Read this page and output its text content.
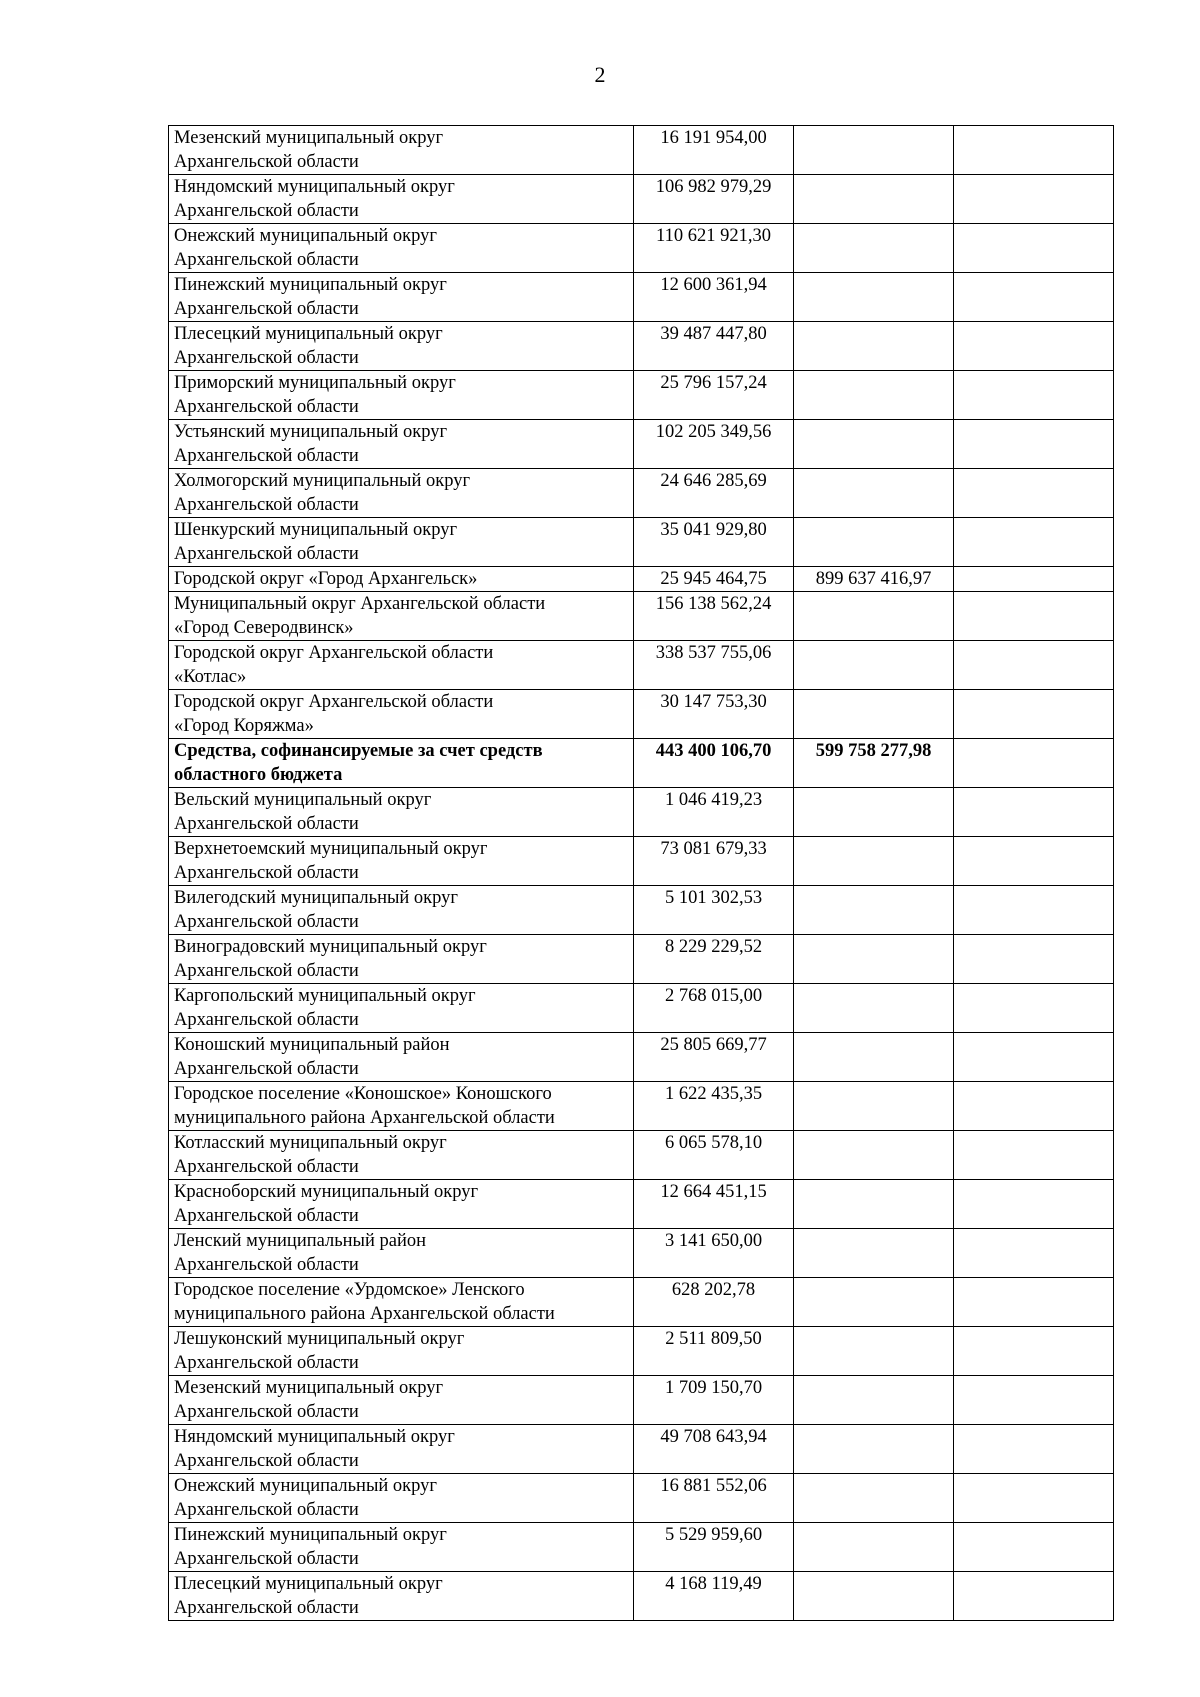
2
Мезенский муниципальный округ
Архангельской области	16 191 954,00		

Няндомский муниципальный округ
Архангельской области	106 982 979,29		

Онежский муниципальный округ
Архангельской области	110 621 921,30		

Пинежский муниципальный округ
Архангельской области	12 600 361,94		

Плесецкий муниципальный округ
Архангельской области	39 487 447,80		

Приморский муниципальный округ
Архангельской области	25 796 157,24		

Устьянский муниципальный округ
Архангельской области	102 205 349,56		

Холмогорский муниципальный округ
Архангельской области	24 646 285,69		

Шенкурский муниципальный округ
Архангельской области	35 041 929,80		

Городской округ «Город Архангельск»	25 945 464,75	899 637 416,97	

Муниципальный округ Архангельской области
«Город Северодвинск»	156 138 562,24		

Городской округ Архангельской области
«Котлас»	338 537 755,06		

Городской округ Архангельской области
«Город Коряжма»	30 147 753,30		

Средства, софинансируемые за счет средств
областного бюджета	443 400 106,70	599 758 277,98	

Вельский муниципальный округ
Архангельской области	1 046 419,23		

Верхнетоемский муниципальный округ
Архангельской области	73 081 679,33		

Вилегодский муниципальный округ
Архангельской области	5 101 302,53		

Виноградовский муниципальный округ
Архангельской области	8 229 229,52		

Каргопольский муниципальный округ
Архангельской области	2 768 015,00		

Коношский муниципальный район
Архангельской области	25 805 669,77		

Городское поселение «Коношское» Коношского
муниципального района Архангельской области	1 622 435,35		

Котласский муниципальный округ
Архангельской области	6 065 578,10		

Красноборский муниципальный округ
Архангельской области	12 664 451,15		

Ленский муниципальный район
Архангельской области	3 141 650,00		

Городское поселение «Урдомское» Ленского
муниципального района Архангельской области	628 202,78		

Лешуконский муниципальный округ
Архангельской области	2 511 809,50		

Мезенский муниципальный округ
Архангельской области	1 709 150,70		

Няндомский муниципальный округ
Архангельской области	49 708 643,94		

Онежский муниципальный округ
Архангельской области	16 881 552,06		

Пинежский муниципальный округ
Архангельской области	5 529 959,60		

Плесецкий муниципальный округ
Архангельской области	4 168 119,49		
